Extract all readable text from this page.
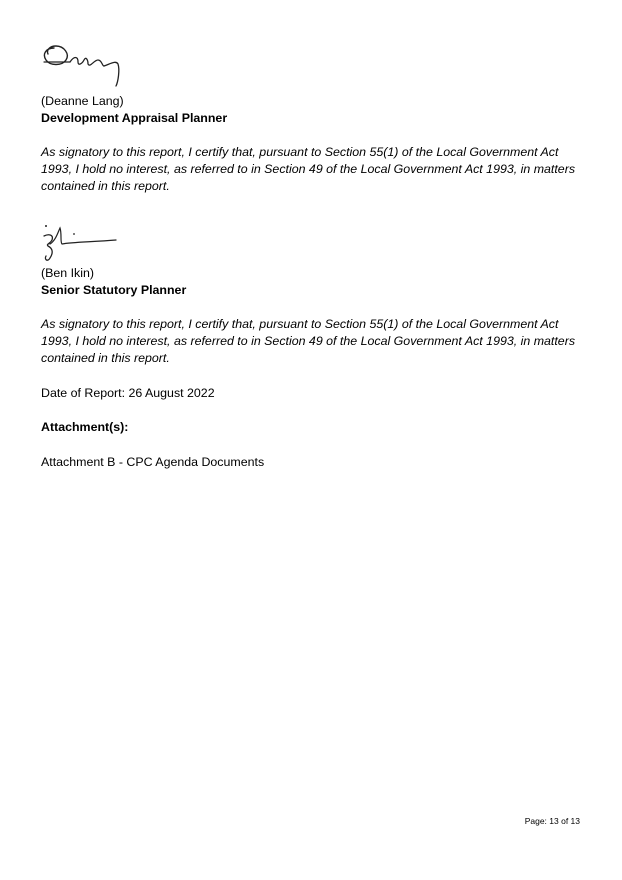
(Deanne Lang)
Development Appraisal Planner
As signatory to this report, I certify that, pursuant to Section 55(1) of the Local Government Act 1993, I hold no interest, as referred to in Section 49 of the Local Government Act 1993, in matters contained in this report.
(Ben Ikin)
Senior Statutory Planner
As signatory to this report, I certify that, pursuant to Section 55(1) of the Local Government Act 1993, I hold no interest, as referred to in Section 49 of the Local Government Act 1993, in matters contained in this report.
Date of Report: 26 August 2022
Attachment(s):
Attachment B - CPC Agenda Documents
Page: 13 of 13
